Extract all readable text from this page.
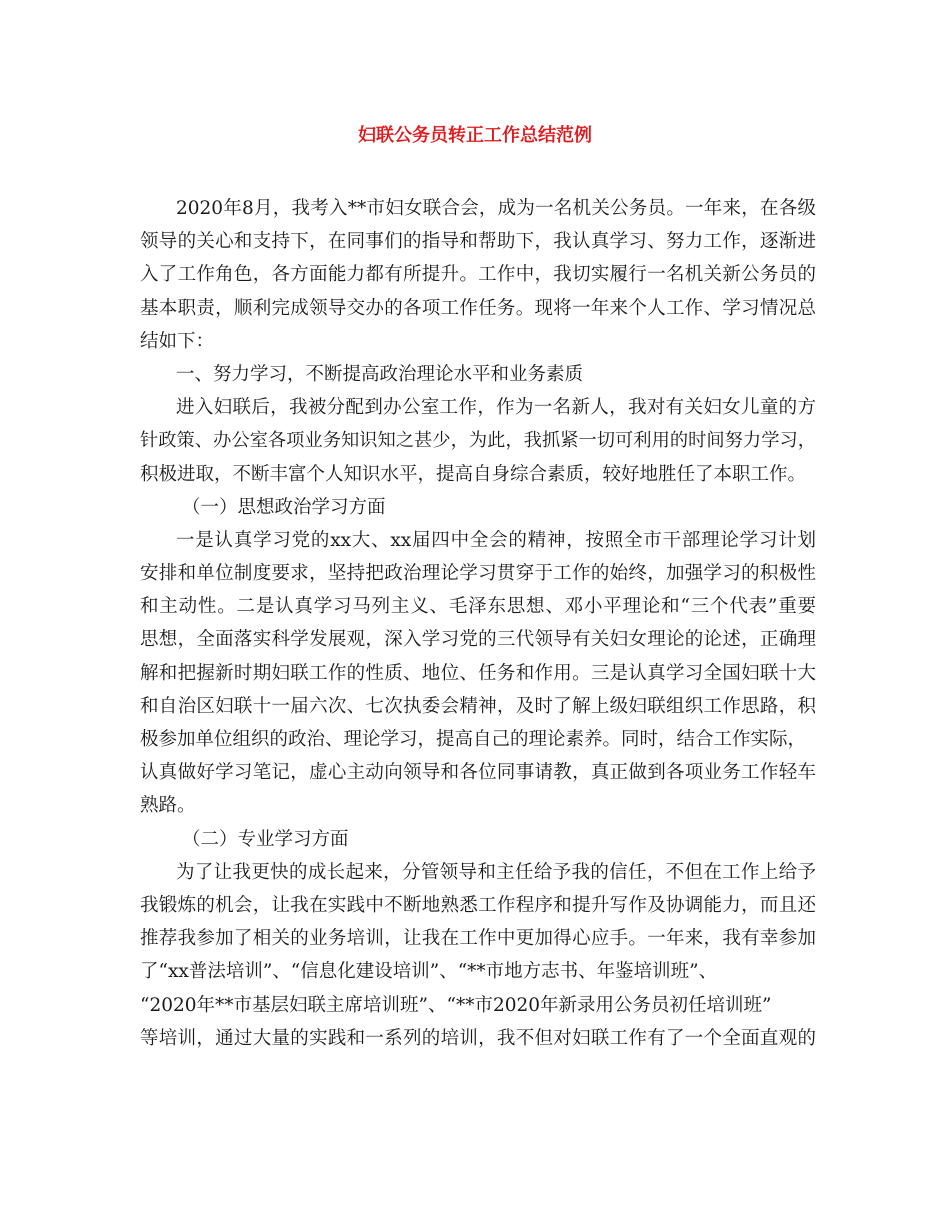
妇联公务员转正工作总结范例
2020年8月，我考入**市妇女联合会，成为一名机关公务员。一年来，在各级
领导的关心和支持下，在同事们的指导和帮助下，我认真学习、努力工作，逐渐进
入了工作角色，各方面能力都有所提升。工作中，我切实履行一名机关新公务员的
基本职责，顺利完成领导交办的各项工作任务。现将一年来个人工作、学习情况总
结如下：
一、努力学习，不断提高政治理论水平和业务素质
进入妇联后，我被分配到办公室工作，作为一名新人，我对有关妇女儿童的方
针政策、办公室各项业务知识知之甚少，为此，我抓紧一切可利用的时间努力学习，
积极进取，不断丰富个人知识水平，提高自身综合素质，较好地胜任了本职工作。
（一）思想政治学习方面
一是认真学习党的xx大、xx届四中全会的精神，按照全市干部理论学习计划
安排和单位制度要求，坚持把政治理论学习贯穿于工作的始终，加强学习的积极性
和主动性。二是认真学习马列主义、毛泽东思想、邓小平理论和“三个代表”重要
思想，全面落实科学发展观，深入学习党的三代领导有关妇女理论的论述，正确理
解和把握新时期妇联工作的性质、地位、任务和作用。三是认真学习全国妇联十大
和自治区妇联十一届六次、七次执委会精神，及时了解上级妇联组织工作思路，积
极参加单位组织的政治、理论学习，提高自己的理论素养。同时，结合工作实际，
认真做好学习笔记，虚心主动向领导和各位同事请教，真正做到各项业务工作轻车
熟路。
（二）专业学习方面
为了让我更快的成长起来，分管领导和主任给予我的信任，不但在工作上给予
我锻炼的机会，让我在实践中不断地熟悉工作程序和提升写作及协调能力，而且还
推荐我参加了相关的业务培训，让我在工作中更加得心应手。一年来，我有幸参加
了“xx普法培训”、“信息化建设培训”、“**市地方志书、年鉴培训班”、
“2020年**市基层妇联主席培训班”、“**市2020年新录用公务员初任培训班”
等培训，通过大量的实践和一系列的培训，我不但对妇联工作有了一个全面直观的
